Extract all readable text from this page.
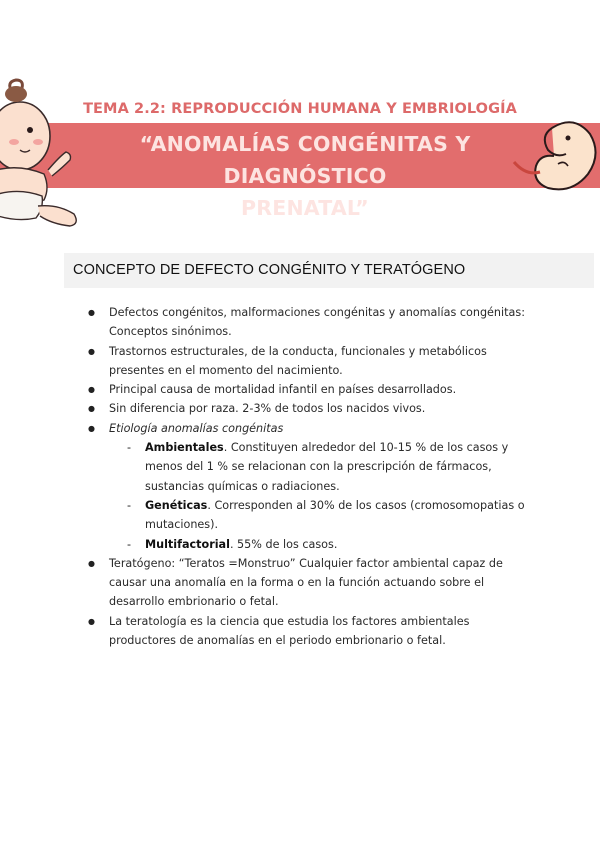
TEMA 2.2: REPRODUCCIÓN HUMANA Y EMBRIOLOGÍA
“ANOMALÍAS CONGÉNITAS Y DIAGNÓSTICO
PRENATAL”
CONCEPTO DE DEFECTO CONGÉNITO Y TERATÓGENO
● Defectos congénitos, malformaciones congénitas y anomalías congénitas: Conceptos sinónimos.
● Trastornos estructurales, de la conducta, funcionales y metabólicos presentes en el momento del nacimiento.
● Principal causa de mortalidad infantil en países desarrollados.
● Sin diferencia por raza. 2-3% de todos los nacidos vivos.
● Etiología anomalías congénitas
- Ambientales. Constituyen alrededor del 10-15 % de los casos y menos del 1 % se relacionan con la prescripción de fármacos, sustancias químicas o radiaciones.
- Genéticas. Corresponden al 30% de los casos (cromosomopatias o mutaciones).
- Multifactorial. 55% de los casos.
● Teratógeno: “Teratos =Monstruo” Cualquier factor ambiental capaz de causar una anomalía en la forma o en la función actuando sobre el desarrollo embrionario o fetal.
● La teratología es la ciencia que estudia los factores ambientales productores de anomalías en el periodo embrionario o fetal.
